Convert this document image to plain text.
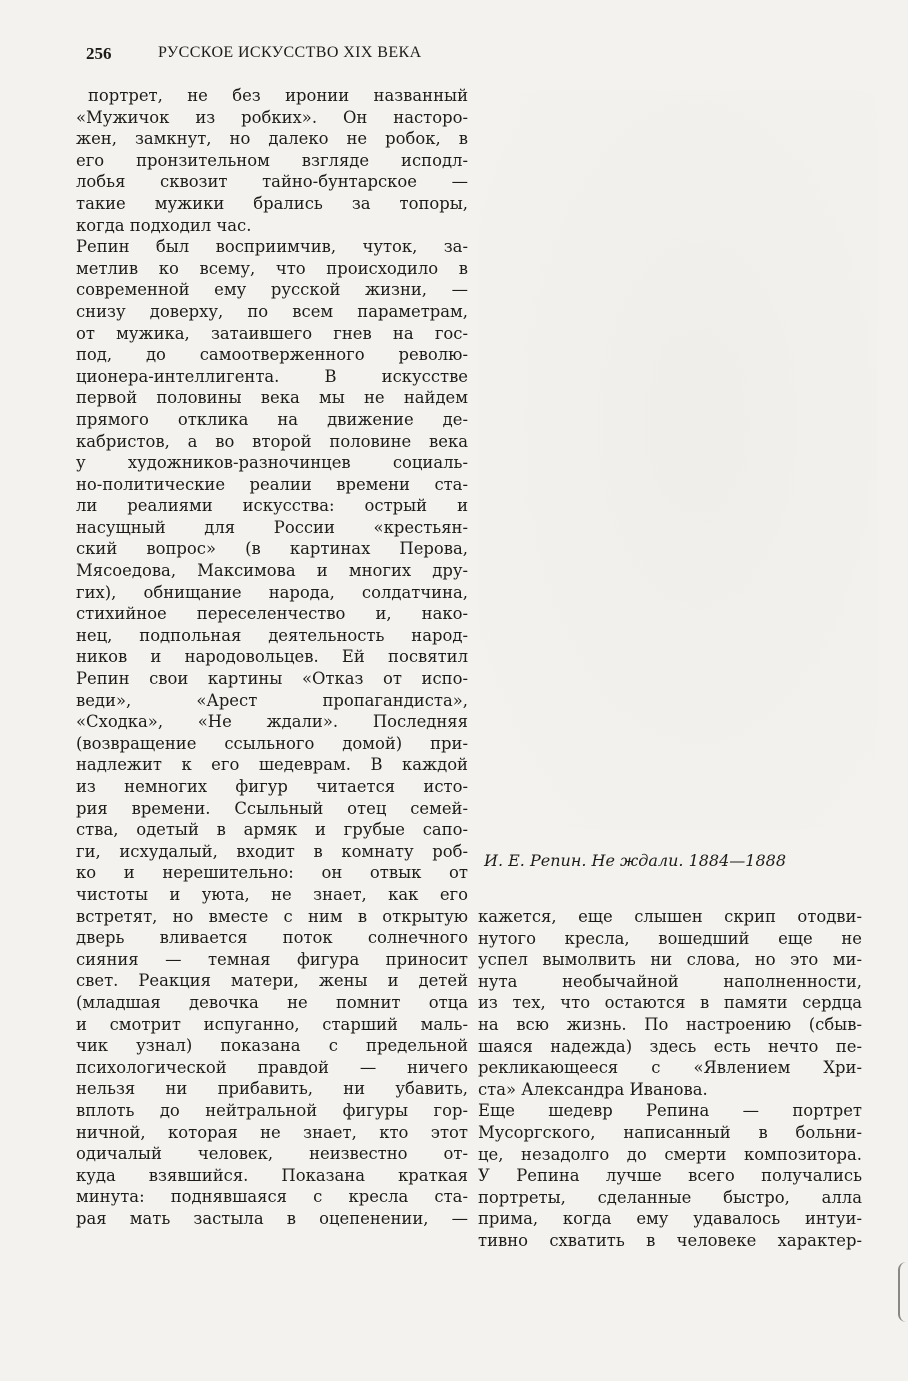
256	РУССКОЕ ИСКУССТВО XIX ВЕКА
портрет, не без иронии названный
«Мужичок из робких». Он насторо-
жен, замкнут, но далеко не робок, в
его пронзительном взгляде исподл-
лобья сквозит тайно-бунтарское —
такие мужики брались за топоры,
когда подходил час.
Репин был восприимчив, чуток, за-
метлив ко всему, что происходило в
современной ему русской жизни, —
снизу доверху, по всем параметрам,
от мужика, затаившего гнев на гос-
под, до самоотверженного револю-
ционера-интеллигента. В искусстве
первой половины века мы не найдем
прямого отклика на движение де-
кабристов, а во второй половине века
у художников-разночинцев социаль-
но-политические реалии времени ста-
ли реалиями искусства: острый и
насущный для России «крестьян-
ский вопрос» (в картинах Перова,
Мясоедова, Максимова и многих дру-
гих), обнищание народа, солдатчина,
стихийное переселенчество и, нако-
нец, подпольная деятельность народ-
ников и народовольцев. Ей посвятил
Репин свои картины «Отказ от испо-
веди», «Арест пропагандиста»,
«Сходка», «Не ждали». Последняя
(возвращение ссыльного домой) при-
надлежит к его шедеврам. В каждой
из немногих фигур читается исто-
рия времени. Ссыльный отец семей-
ства, одетый в армяк и грубые сапо-
ги, исхудалый, входит в комнату роб-
ко и нерешительно: он отвык от
чистоты и уюта, не знает, как его
встретят, но вместе с ним в открытую
дверь вливается поток солнечного
сияния — темная фигура приносит
свет. Реакция матери, жены и детей
(младшая девочка не помнит отца
и смотрит испуганно, старший маль-
чик узнал) показана с предельной
психологической правдой — ничего
нельзя ни прибавить, ни убавить,
вплоть до нейтральной фигуры гор-
ничной, которая не знает, кто этот
одичалый человек, неизвестно от-
куда взявшийся. Показана краткая
минута: поднявшаяся с кресла ста-
рая мать застыла в оцепенении, —
И. Е. Репин. Не ждали. 1884—1888
кажется, еще слышен скрип отодви-
нутого кресла, вошедший еще не
успел вымолвить ни слова, но это ми-
нута необычайной наполненности,
из тех, что остаются в памяти сердца
на всю жизнь. По настроению (сбыв-
шаяся надежда) здесь есть нечто пе-
рекликающееся с «Явлением Хри-
ста» Александра Иванова.
Еще шедевр Репина — портрет
Мусоргского, написанный в больни-
це, незадолго до смерти композитора.
У Репина лучше всего получались
портреты, сделанные быстро, алла
прима, когда ему удавалось интуи-
тивно схватить в человеке характер-
